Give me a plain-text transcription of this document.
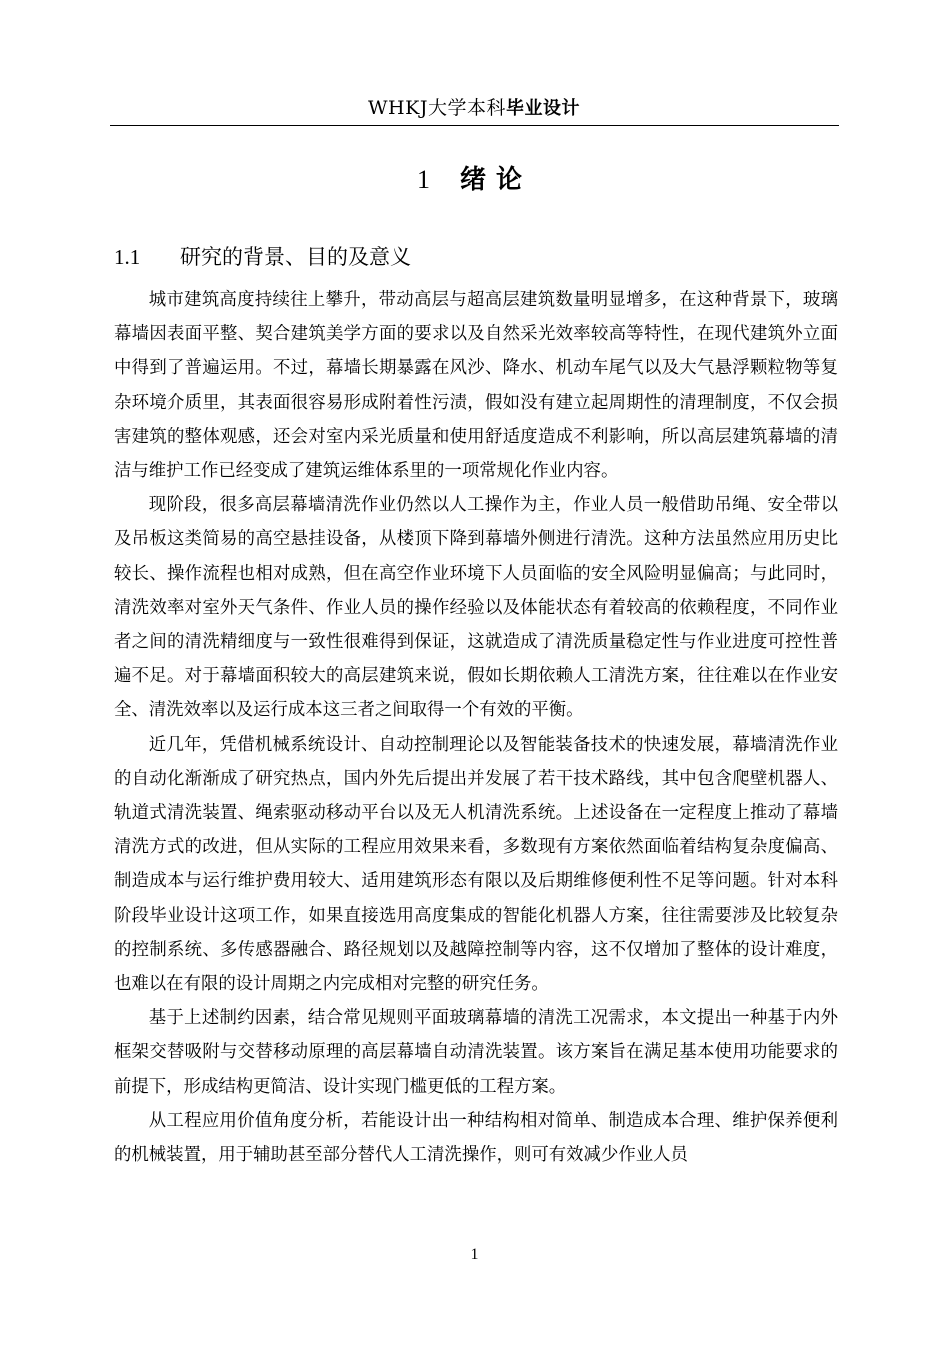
WHKJ大学本科毕业设计
1 绪论
1.1 研究的背景、目的及意义

城市建筑高度持续往上攀升，带动高层与超高层建筑数量明显增多，在这种背景下，玻璃幕墙因表面平整、契合建筑美学方面的要求以及自然采光效率较高等特性，在现代建筑外立面中得到了普遍运用。不过，幕墙长期暴露在风沙、降水、机动车尾气以及大气悬浮颗粒物等复杂环境介质里，其表面很容易形成附着性污渍，假如没有建立起周期性的清理制度，不仅会损害建筑的整体观感，还会对室内采光质量和使用舒适度造成不利影响，所以高层建筑幕墙的清洁与维护工作已经变成了建筑运维体系里的一项常规化作业内容。

现阶段，很多高层幕墙清洗作业仍然以人工操作为主，作业人员一般借助吊绳、安全带以及吊板这类简易的高空悬挂设备，从楼顶下降到幕墙外侧进行清洗。这种方法虽然应用历史比较长、操作流程也相对成熟，但在高空作业环境下人员面临的安全风险明显偏高；与此同时，清洗效率对室外天气条件、作业人员的操作经验以及体能状态有着较高的依赖程度，不同作业者之间的清洗精细度与一致性很难得到保证，这就造成了清洗质量稳定性与作业进度可控性普遍不足。对于幕墙面积较大的高层建筑来说，假如长期依赖人工清洗方案，往往难以在作业安全、清洗效率以及运行成本这三者之间取得一个有效的平衡。

近几年，凭借机械系统设计、自动控制理论以及智能装备技术的快速发展，幕墙清洗作业的自动化渐渐成了研究热点，国内外先后提出并发展了若干技术路线，其中包含爬壁机器人、轨道式清洗装置、绳索驱动移动平台以及无人机清洗系统。上述设备在一定程度上推动了幕墙清洗方式的改进，但从实际的工程应用效果来看，多数现有方案依然面临着结构复杂度偏高、制造成本与运行维护费用较大、适用建筑形态有限以及后期维修便利性不足等问题。针对本科阶段毕业设计这项工作，如果直接选用高度集成的智能化机器人方案，往往需要涉及比较复杂的控制系统、多传感器融合、路径规划以及越障控制等内容，这不仅增加了整体的设计难度，也难以在有限的设计周期之内完成相对完整的研究任务。

基于上述制约因素，结合常见规则平面玻璃幕墙的清洗工况需求，本文提出一种基于内外框架交替吸附与交替移动原理的高层幕墙自动清洗装置。该方案旨在满足基本使用功能要求的前提下，形成结构更简洁、设计实现门槛更低的工程方案。

从工程应用价值角度分析，若能设计出一种结构相对简单、制造成本合理、维护保养便利的机械装置，用于辅助甚至部分替代人工清洗操作，则可有效减少作业人员

1
